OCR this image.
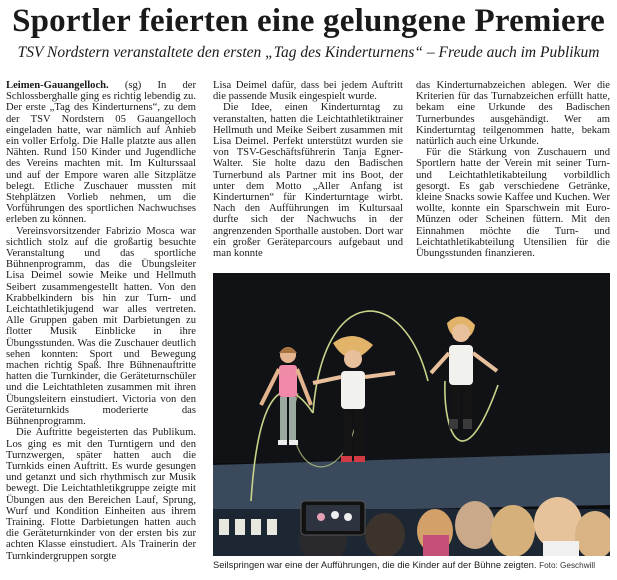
Sportler feierten eine gelungene Premiere
TSV Nordstern veranstaltete den ersten „Tag des Kinderturnens“ – Freude auch im Publikum

Leimen-Gauangelloch. (sg) In der Schlossberghalle ging es richtig lebendig zu. Der erste „Tag des Kinderturnens“, zu dem der TSV Nordstern 05 Gauangelloch eingeladen hatte, war nämlich auf Anhieb ein voller Erfolg. Die Halle platzte aus allen Nähten. Rund 150 Kinder und Jugendliche des Vereins machten mit. Im Kulturssaal und auf der Empore waren alle Sitzplätze belegt. Etliche Zuschauer mussten mit Stehplätzen Vorlieb nehmen, um die Vorführungen des sportlichen Nachwuchses erleben zu können.

Vereinsvorsitzender Fabrizio Mosca war sichtlich stolz auf die großartig besuchte Veranstaltung und das sportliche Bühnenprogramm, das die Übungsleiter Lisa Deimel sowie Meike und Hellmuth Seibert zusammengestellt hatten. Von den Krabbelkindern bis hin zur Turn- und Leichtathletikjugend war alles vertreten. Alle Gruppen gaben mit Darbietungen zu flotter Musik Einblicke in ihre Übungsstunden. Was die Zuschauer deutlich sehen konnten: Sport und Bewegung machen richtig Spaß. Ihre Bühnenauftritte hatten die Turnkinder, die Geräteturnschüler und die Leichtathleten zusammen mit ihren Übungsleitern einstudiert. Victoria von den Geräteturnkids moderierte das Bühnenprogramm.

Die Auftritte begeisterten das Publikum. Los ging es mit den Turntigern und den Turnzwergen, später hatten auch die Turnkids einen Auftritt. Es wurde gesungen und getanzt und sich rhythmisch zur Musik bewegt. Die Leichtathletikgruppe zeigte mit Übungen aus den Bereichen Lauf, Sprung, Wurf und Kondition Einheiten aus ihrem Training. Flotte Darbietungen hatten auch die Geräteturnkinder von der ersten bis zur achten Klasse einstudiert. Als Trainerin der Turnkindergruppen sorgte

Lisa Deimel dafür, dass bei jedem Auftritt die passende Musik eingespielt wurde.

Die Idee, einen Kinderturntag zu veranstalten, hatten die Leichtathletiktrainer Hellmuth und Meike Seibert zusammen mit Lisa Deimel. Perfekt unterstützt wurden sie von TSV-Geschäftsführerin Tanja Egner-Walter. Sie holte dazu den Badischen Turnerbund als Partner mit ins Boot, der unter dem Motto „Aller Anfang ist Kinderturnen“ für Kinderturntage wirbt. Nach den Aufführungen im Kultursaal durfte sich der Nachwuchs in der angrenzenden Sporthalle austoben. Dort war ein großer Geräteparcours aufgebaut und man konnte

das Kinderturnabzeichen ablegen. Wer die Kriterien für das Turnabzeichen erfüllt hatte, bekam eine Urkunde des Badischen Turnerbundes ausgehändigt. Wer am Kinderturntag teilgenommen hatte, bekam natürlich auch eine Urkunde.

Für die Stärkung von Zuschauern und Sportlern hatte der Verein mit seiner Turn- und Leichtathletikabteilung vorbildlich gesorgt. Es gab verschiedene Getränke, kleine Snacks sowie Kaffee und Kuchen. Wer wollte, konnte ein Sparschwein mit Euro-Münzen oder Scheinen füttern. Mit den Einnahmen möchte die Turn- und Leichtathletikabteilung Utensilien für die Übungsstunden finanzieren.

Seilspringen war eine der Aufführungen, die die Kinder auf der Bühne zeigten. Foto: Geschwill
